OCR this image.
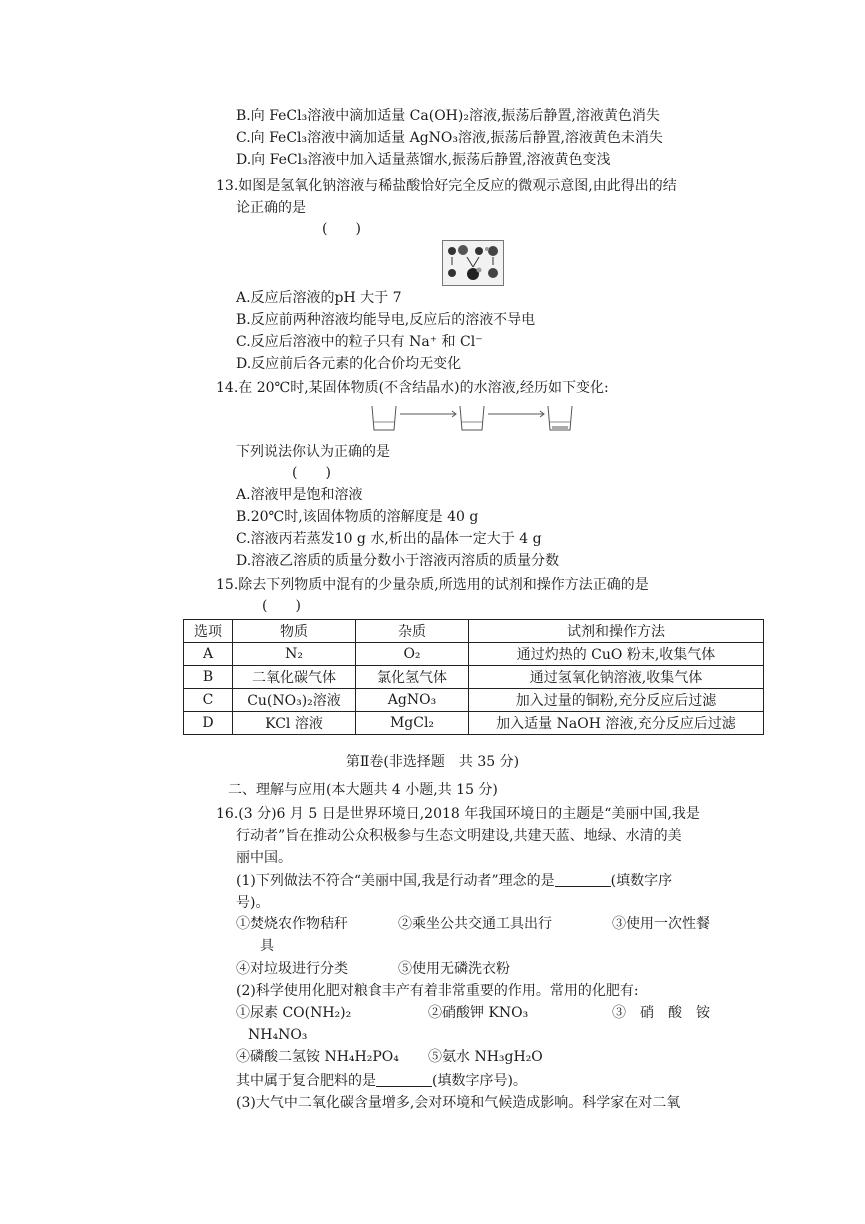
B.向 FeCl₃溶液中滴加适量 Ca(OH)₂溶液,振荡后静置,溶液黄色消失
C.向 FeCl₃溶液中滴加适量 AgNO₃溶液,振荡后静置,溶液黄色未消失
D.向 FeCl₃溶液中加入适量蒸馏水,振荡后静置,溶液黄色变浅
13.如图是氢氧化钠溶液与稀盐酸恰好完全反应的微观示意图,由此得出的结
论正确的是
(　　)
A.反应后溶液的pH 大于 7
B.反应前两种溶液均能导电,反应后的溶液不导电
C.反应后溶液中的粒子只有 Na⁺ 和 Cl⁻
D.反应前后各元素的化合价均无变化
14.在 20℃时,某固体物质(不含结晶水)的水溶液,经历如下变化:
下列说法你认为正确的是
(　　)
A.溶液甲是饱和溶液
B.20℃时,该固体物质的溶解度是 40 g
C.溶液丙若蒸发10 g 水,析出的晶体一定大于 4 g
D.溶液乙溶质的质量分数小于溶液丙溶质的质量分数
15.除去下列物质中混有的少量杂质,所选用的试剂和操作方法正确的是
(　　)
选项	物质	杂质	试剂和操作方法
A	N₂	O₂	通过灼热的 CuO 粉末,收集气体
B	二氧化碳气体	氯化氢气体	通过氢氧化钠溶液,收集气体
C	Cu(NO₃)₂溶液	AgNO₃	加入过量的铜粉,充分反应后过滤
D	KCl 溶液	MgCl₂	加入适量 NaOH 溶液,充分反应后过滤
第Ⅱ卷(非选择题　共 35 分)
二、理解与应用(本大题共 4 小题,共 15 分)
16.(3 分)6 月 5 日是世界环境日,2018 年我国环境日的主题是“美丽中国,我是
行动者”旨在推动公众积极参与生态文明建设,共建天蓝、地绿、水清的美
丽中国。
(1)下列做法不符合“美丽中国,我是行动者”理念的是	(填数字序
号)。
①焚烧农作物秸秆	②乘坐公共交通工具出行	③使用一次性餐
具
④对垃圾进行分类	⑤使用无磷洗衣粉
(2)科学使用化肥对粮食丰产有着非常重要的作用。常用的化肥有:
①尿素 CO(NH₂)₂	②硝酸钾 KNO₃	③　硝　酸　铵
NH₄NO₃
④磷酸二氢铵 NH₄H₂PO₄ ⑤氨水 NH₃gH₂O
其中属于复合肥料的是	(填数字序号)。
(3)大气中二氧化碳含量增多,会对环境和气候造成影响。科学家在对二氧
